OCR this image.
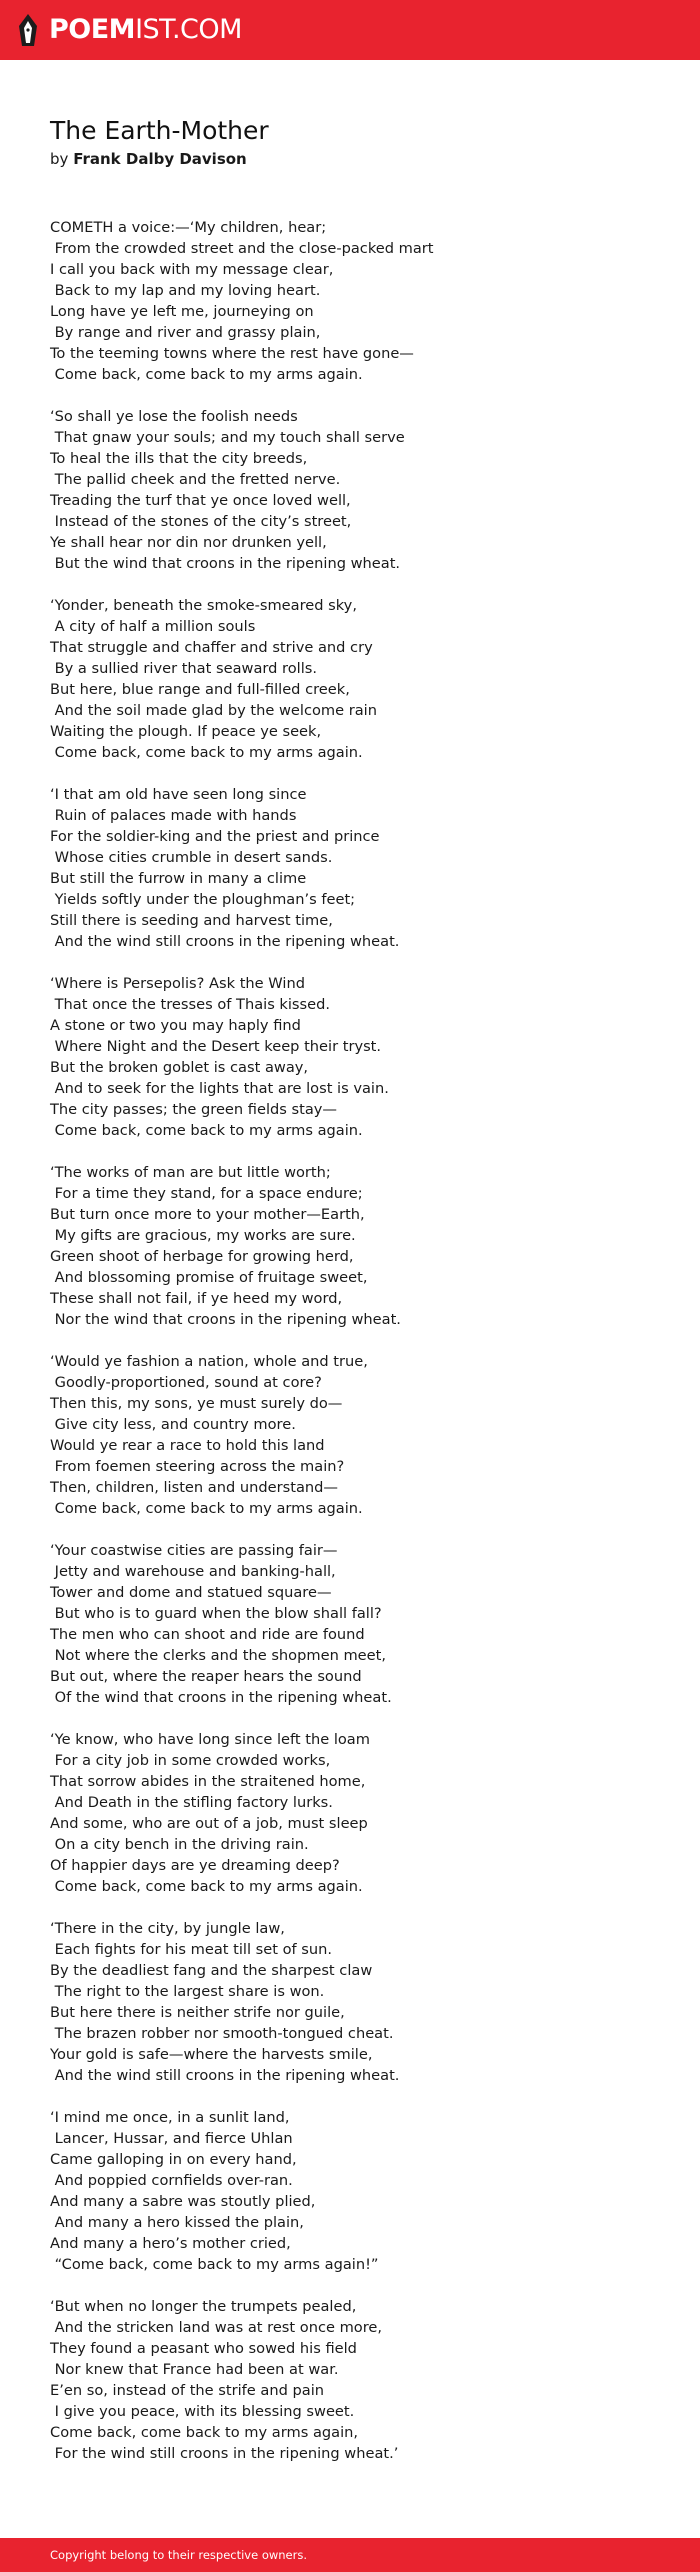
POEMIST.COM
The Earth-Mother
by Frank Dalby Davison
COMETH a voice:—‘My children, hear;
From the crowded street and the close-packed mart
I call you back with my message clear,
Back to my lap and my loving heart.
Long have ye left me, journeying on
By range and river and grassy plain,
To the teeming towns where the rest have gone—
Come back, come back to my arms again.
‘So shall ye lose the foolish needs
That gnaw your souls; and my touch shall serve
To heal the ills that the city breeds,
The pallid cheek and the fretted nerve.
Treading the turf that ye once loved well,
Instead of the stones of the city’s street,
Ye shall hear nor din nor drunken yell,
But the wind that croons in the ripening wheat.
‘Yonder, beneath the smoke-smeared sky,
A city of half a million souls
That struggle and chaffer and strive and cry
By a sullied river that seaward rolls.
But here, blue range and full-filled creek,
And the soil made glad by the welcome rain
Waiting the plough. If peace ye seek,
Come back, come back to my arms again.
‘I that am old have seen long since
Ruin of palaces made with hands
For the soldier-king and the priest and prince
Whose cities crumble in desert sands.
But still the furrow in many a clime
Yields softly under the ploughman’s feet;
Still there is seeding and harvest time,
And the wind still croons in the ripening wheat.
‘Where is Persepolis? Ask the Wind
That once the tresses of Thais kissed.
A stone or two you may haply find
Where Night and the Desert keep their tryst.
But the broken goblet is cast away,
And to seek for the lights that are lost is vain.
The city passes; the green fields stay—
Come back, come back to my arms again.
‘The works of man are but little worth;
For a time they stand, for a space endure;
But turn once more to your mother—Earth,
My gifts are gracious, my works are sure.
Green shoot of herbage for growing herd,
And blossoming promise of fruitage sweet,
These shall not fail, if ye heed my word,
Nor the wind that croons in the ripening wheat.
‘Would ye fashion a nation, whole and true,
Goodly-proportioned, sound at core?
Then this, my sons, ye must surely do—
Give city less, and country more.
Would ye rear a race to hold this land
From foemen steering across the main?
Then, children, listen and understand—
Come back, come back to my arms again.
‘Your coastwise cities are passing fair—
Jetty and warehouse and banking-hall,
Tower and dome and statued square—
But who is to guard when the blow shall fall?
The men who can shoot and ride are found
Not where the clerks and the shopmen meet,
But out, where the reaper hears the sound
Of the wind that croons in the ripening wheat.
‘Ye know, who have long since left the loam
For a city job in some crowded works,
That sorrow abides in the straitened home,
And Death in the stifling factory lurks.
And some, who are out of a job, must sleep
On a city bench in the driving rain.
Of happier days are ye dreaming deep?
Come back, come back to my arms again.
‘There in the city, by jungle law,
Each fights for his meat till set of sun.
By the deadliest fang and the sharpest claw
The right to the largest share is won.
But here there is neither strife nor guile,
The brazen robber nor smooth-tongued cheat.
Your gold is safe—where the harvests smile,
And the wind still croons in the ripening wheat.
‘I mind me once, in a sunlit land,
Lancer, Hussar, and fierce Uhlan
Came galloping in on every hand,
And poppied cornfields over-ran.
And many a sabre was stoutly plied,
And many a hero kissed the plain,
And many a hero’s mother cried,
“Come back, come back to my arms again!”
‘But when no longer the trumpets pealed,
And the stricken land was at rest once more,
They found a peasant who sowed his field
Nor knew that France had been at war.
E’en so, instead of the strife and pain
I give you peace, with its blessing sweet.
Come back, come back to my arms again,
For the wind still croons in the ripening wheat.’
Copyright belong to their respective owners.
